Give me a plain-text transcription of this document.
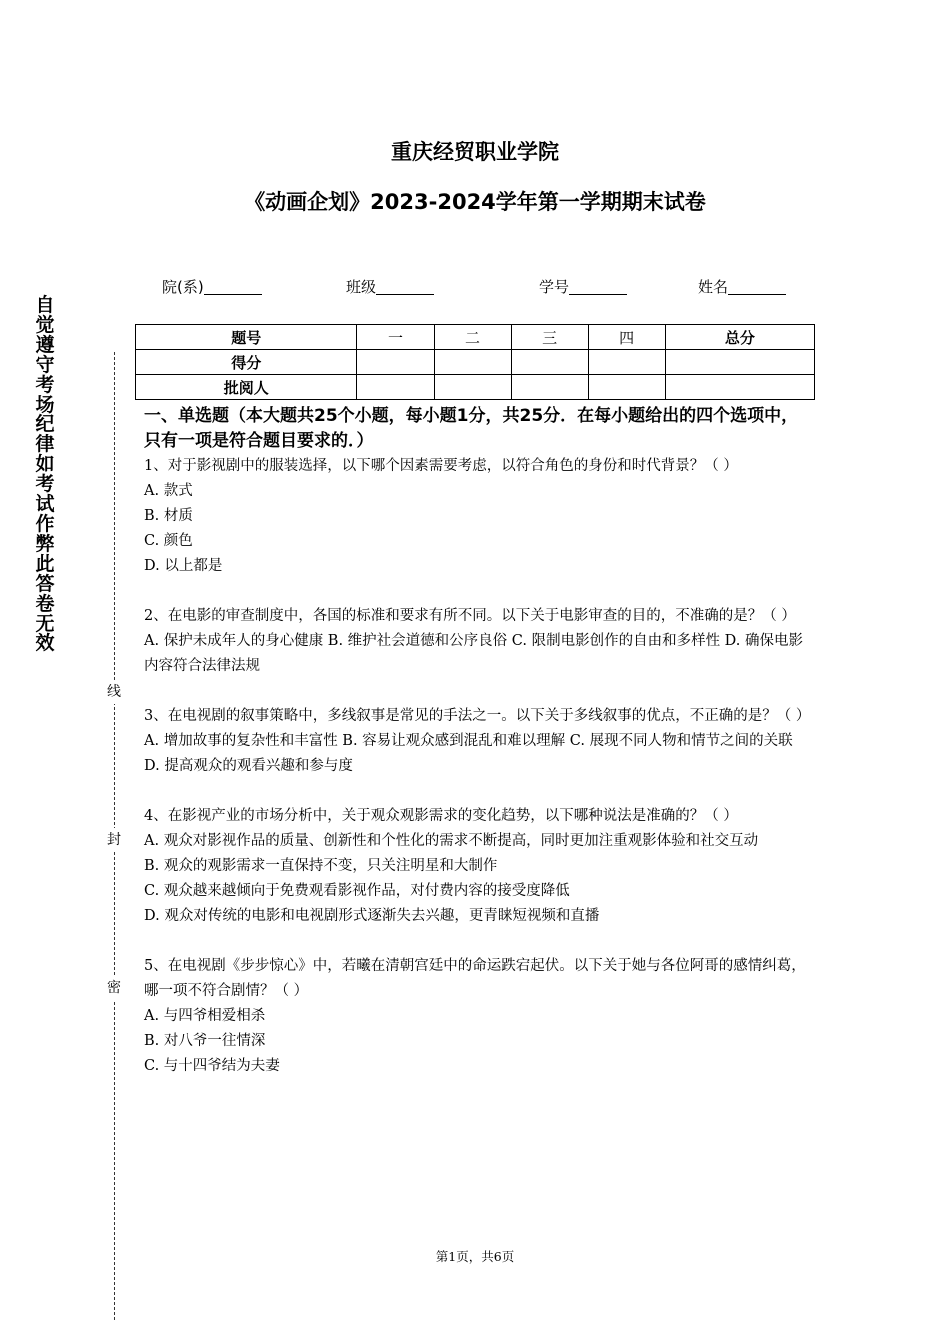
自觉遵守考场纪律如考试作弊此答卷无效
线
封
密
重庆经贸职业学院
《动画企划》2023-2024学年第一学期期末试卷
院(系)	班级	学号	姓名
题号	一	二	三	四	总分
得分					
批阅人					
一、单选题（本大题共25个小题，每小题1分，共25分．在每小题给出的四个选项中，只有一项是符合题目要求的．）

1、对于影视剧中的服装选择，以下哪个因素需要考虑，以符合角色的身份和时代背景？（ ）

A. 款式

B. 材质

C. 颜色

D. 以上都是

2、在电影的审查制度中，各国的标准和要求有所不同。以下关于电影审查的目的，不准确的是？（ ）

A. 保护未成年人的身心健康 B. 维护社会道德和公序良俗 C. 限制电影创作的自由和多样性 D. 确保电影内容符合法律法规

3、在电视剧的叙事策略中，多线叙事是常见的手法之一。以下关于多线叙事的优点，不正确的是？（ ）

A. 增加故事的复杂性和丰富性 B. 容易让观众感到混乱和难以理解 C. 展现不同人物和情节之间的关联 D. 提高观众的观看兴趣和参与度

4、在影视产业的市场分析中，关于观众观影需求的变化趋势，以下哪种说法是准确的？（ ）

A. 观众对影视作品的质量、创新性和个性化的需求不断提高，同时更加注重观影体验和社交互动

B. 观众的观影需求一直保持不变，只关注明星和大制作

C. 观众越来越倾向于免费观看影视作品，对付费内容的接受度降低

D. 观众对传统的电影和电视剧形式逐渐失去兴趣，更青睐短视频和直播

5、在电视剧《步步惊心》中，若曦在清朝宫廷中的命运跌宕起伏。以下关于她与各位阿哥的感情纠葛，哪一项不符合剧情？（ ）

A. 与四爷相爱相杀

B. 对八爷一往情深

C. 与十四爷结为夫妻

第1页，共6页
